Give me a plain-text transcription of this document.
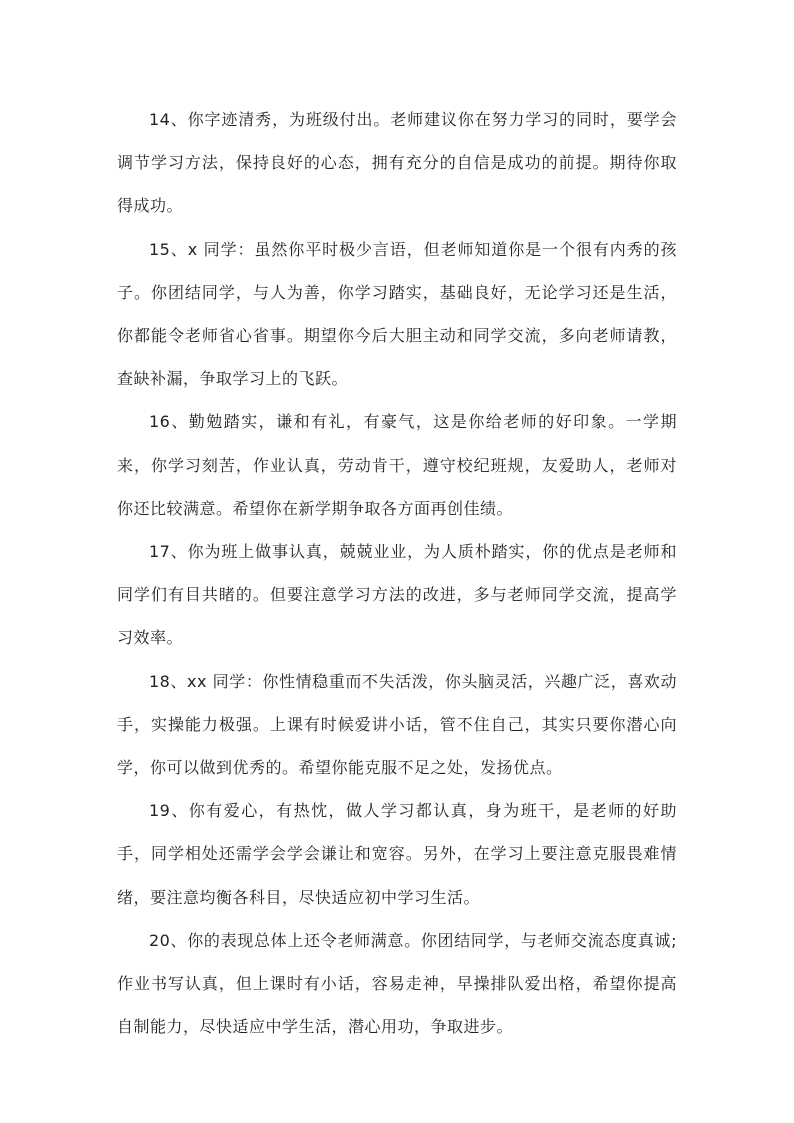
14、你字迹清秀，为班级付出。老师建议你在努力学习的同时，要学会调节学习方法，保持良好的心态，拥有充分的自信是成功的前提。期待你取得成功。

15、x 同学：虽然你平时极少言语，但老师知道你是一个很有内秀的孩子。你团结同学，与人为善，你学习踏实，基础良好，无论学习还是生活，你都能令老师省心省事。期望你今后大胆主动和同学交流，多向老师请教，查缺补漏，争取学习上的飞跃。

16、勤勉踏实，谦和有礼，有豪气，这是你给老师的好印象。一学期来，你学习刻苦，作业认真，劳动肯干，遵守校纪班规，友爱助人，老师对你还比较满意。希望你在新学期争取各方面再创佳绩。

17、你为班上做事认真，兢兢业业，为人质朴踏实，你的优点是老师和同学们有目共睹的。但要注意学习方法的改进，多与老师同学交流，提高学习效率。

18、xx 同学：你性情稳重而不失活泼，你头脑灵活，兴趣广泛，喜欢动手，实操能力极强。上课有时候爱讲小话，管不住自己，其实只要你潜心向学，你可以做到优秀的。希望你能克服不足之处，发扬优点。

19、你有爱心，有热忱，做人学习都认真，身为班干，是老师的好助手，同学相处还需学会学会谦让和宽容。另外，在学习上要注意克服畏难情绪，要注意均衡各科目，尽快适应初中学习生活。

20、你的表现总体上还令老师满意。你团结同学，与老师交流态度真诚;作业书写认真，但上课时有小话，容易走神，早操排队爱出格，希望你提高自制能力，尽快适应中学生活，潜心用功，争取进步。
